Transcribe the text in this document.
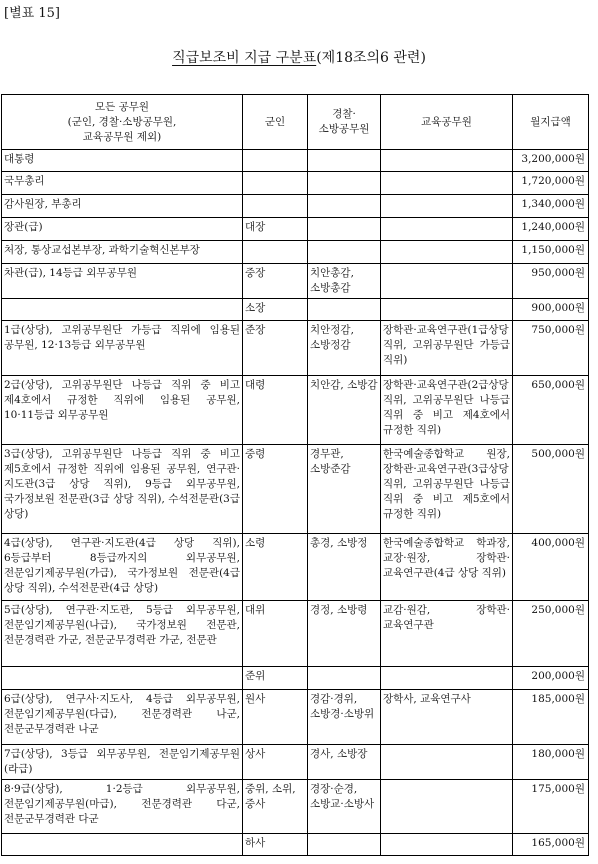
[별표 15]
직급보조비 지급 구분표(제18조의6 관련)
모든 공무원
(군인, 경찰·소방공무원,
교육공무원 제외)	군인	경찰·
소방공무원	교육공무원	월지급액
대통령				3,200,000원
국무총리				1,720,000원
감사원장, 부총리				1,340,000원
장관(급)	대장			1,240,000원
처장, 통상교섭본부장, 과학기술혁신본부장				1,150,000원
차관(급), 14등급 외무공무원	중장	치안총감, 소방총감		950,000원
	소장			900,000원
1급(상당), 고위공무원단 가등급 직위에 임용된 공무원, 12·13등급 외무공무원	준장	치안정감, 소방정감	장학관·교육연구관(1급상당 직위, 고위공무원단 가등급 직위)	750,000원
2급(상당), 고위공무원단 나등급 직위 중 비고 제4호에서 규정한 직위에 임용된 공무원, 10·11등급 외무공무원	대령	치안감, 소방감	장학관·교육연구관(2급상당 직위, 고위공무원단 나등급 직위 중 비고 제4호에서 규정한 직위)	650,000원
3급(상당), 고위공무원단 나등급 직위 중 비고 제5호에서 규정한 직위에 임용된 공무원, 연구관·지도관(3급 상당 직위), 9등급 외무공무원, 국가정보원 전문관(3급 상당 직위), 수석전문관(3급 상당)	중령	경무관, 소방준감	한국예술종합학교 원장, 장학관·교육연구관(3급상당 직위, 고위공무원단 나등급 직위 중 비고 제5호에서 규정한 직위)	500,000원
4급(상당), 연구관·지도관(4급 상당 직위), 6등급부터 8등급까지의 외무공무원, 전문임기제공무원(가급), 국가정보원 전문관(4급 상당 직위), 수석전문관(4급 상당)	소령	총경, 소방정	한국예술종합학교 학과장, 교장·원장, 장학관·교육연구관(4급 상당 직위)	400,000원
5급(상당), 연구관·지도관, 5등급 외무공무원, 전문임기제공무원(나급), 국가정보원 전문관, 전문경력관 가군, 전문군무경력관 가군, 전문관	대위	경정, 소방령	교감·원감, 장학관·교육연구관	250,000원
	준위			200,000원
6급(상당), 연구사·지도사, 4등급 외무공무원, 전문임기제공무원(다급), 전문경력관 나군, 전문군무경력관 나군	원사	경감·경위, 소방경·소방위	장학사, 교육연구사	185,000원
7급(상당), 3등급 외무공무원, 전문임기제공무원(라급)	상사	경사, 소방장		180,000원
8·9급(상당), 1·2등급 외무공무원, 전문임기제공무원(마급), 전문경력관 다군, 전문군무경력관 다군	중위, 소위, 중사	경장·순경, 소방교·소방사		175,000원
	하사			165,000원
